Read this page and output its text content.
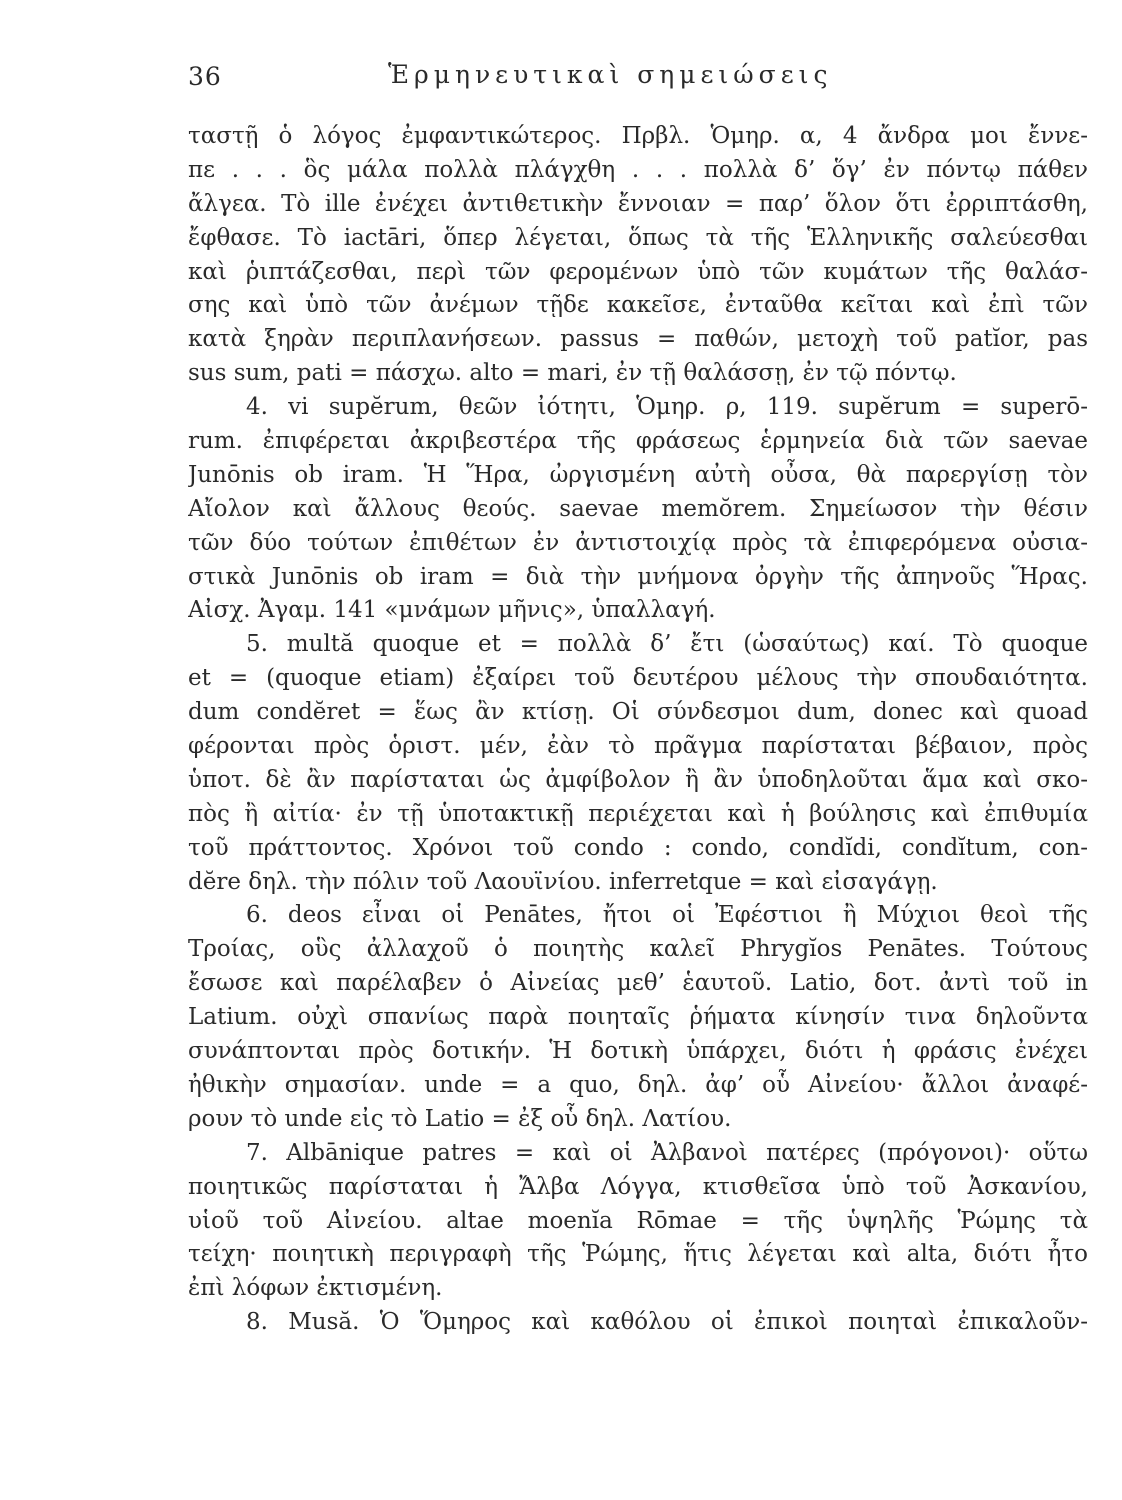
36	Ἑρμηνευτικαὶ σημειώσεις
ταστῇ ὁ λόγος ἐμφαντικώτερος. Πρβλ. Ὁμηρ. α, 4 ἄνδρα μοι ἔννε-
πε . . . ὃς μάλα πολλὰ πλάγχθη . . . πολλὰ δ’ ὅγ’ ἐν πόντῳ πάθεν
ἄλγεα. Τὸ ille ἐνέχει ἀντιθετικὴν ἔννοιαν = παρ’ ὅλον ὅτι ἐρριπτάσθη,
ἔφθασε. Τὸ iactāri, ὅπερ λέγεται, ὅπως τὰ τῆς Ἑλληνικῆς σαλεύεσθαι
καὶ ῥιπτάζεσθαι, περὶ τῶν φερομένων ὑπὸ τῶν κυμάτων τῆς θαλάσ-
σης καὶ ὑπὸ τῶν ἀνέμων τῇδε κακεῖσε, ἐνταῦθα κεῖται καὶ ἐπὶ τῶν
κατὰ ξηρὰν περιπλανήσεων. passus = παθών, μετοχὴ τοῦ patĭor, pas
sus sum, pati = πάσχω. alto = mari, ἐν τῇ θαλάσσῃ, ἐν τῷ πόντῳ.
4. vi supĕrum, θεῶν ἰότητι, Ὁμηρ. ρ, 119. supĕrum = superō-
rum. ἐπιφέρεται ἀκριβεστέρα τῆς φράσεως ἑρμηνεία διὰ τῶν saevae
Junōnis ob iram. Ἡ Ἥρα, ὠργισμένη αὐτὴ οὖσα, θὰ παρεργίσῃ τὸν
Αἴολον καὶ ἄλλους θεούς. saevae memŏrem. Σημείωσον τὴν θέσιν
τῶν δύο τούτων ἐπιθέτων ἐν ἀντιστοιχίᾳ πρὸς τὰ ἐπιφερόμενα οὐσια-
στικὰ Junōnis ob iram = διὰ τὴν μνήμονα ὀργὴν τῆς ἀπηνοῦς Ἥρας.
Αἰσχ. Ἀγαμ. 141 «μνάμων μῆνις», ὑπαλλαγή.
5. multă quoque et = πολλὰ δ’ ἔτι (ὡσαύτως) καί. Τὸ quoque
et = (quoque etiam) ἐξαίρει τοῦ δευτέρου μέλους τὴν σπουδαιότητα.
dum condĕret = ἕως ἂν κτίσῃ. Οἱ σύνδεσμοι dum, donec καὶ quoad
φέρονται πρὸς ὁριστ. μέν, ἐὰν τὸ πρᾶγμα παρίσταται βέβαιον, πρὸς
ὑποτ. δὲ ἂν παρίσταται ὡς ἀμφίβολον ἢ ἂν ὑποδηλοῦται ἅμα καὶ σκο-
πὸς ἢ αἰτία· ἐν τῇ ὑποτακτικῇ περιέχεται καὶ ἡ βούλησις καὶ ἐπιθυμία
τοῦ πράττοντος. Χρόνοι τοῦ condo : condo, condĭdi, condĭtum, con-
dĕre δηλ. τὴν πόλιν τοῦ Λαουϊνίου. inferretque = καὶ εἰσαγάγῃ.
6. deos εἶναι οἱ Penātes, ἤτοι οἱ Ἐφέστιοι ἢ Μύχιοι θεοὶ τῆς
Τροίας, οὓς ἀλλαχοῦ ὁ ποιητὴς καλεῖ Phrygĭos Penātes. Τούτους
ἔσωσε καὶ παρέλαβεν ὁ Αἰνείας μεθ’ ἑαυτοῦ. Latio, δοτ. ἀντὶ τοῦ in
Latium. οὐχὶ σπανίως παρὰ ποιηταῖς ῥήματα κίνησίν τινα δηλοῦντα
συνάπτονται πρὸς δοτικήν. Ἡ δοτικὴ ὑπάρχει, διότι ἡ φράσις ἐνέχει
ἠθικὴν σημασίαν. unde = a quo, δηλ. ἀφ’ οὗ Αἰνείου· ἄλλοι ἀναφέ-
ρουν τὸ unde εἰς τὸ Latio = ἐξ οὗ δηλ. Λατίου.
7. Albānique patres = καὶ οἱ Ἀλβανοὶ πατέρες (πρόγονοι)· οὕτω
ποιητικῶς παρίσταται ἡ Ἄλβα Λόγγα, κτισθεῖσα ὑπὸ τοῦ Ἀσκανίου,
υἱοῦ τοῦ Αἰνείου. altae moenĭa Rōmae = τῆς ὑψηλῆς Ῥώμης τὰ
τείχη· ποιητικὴ περιγραφὴ τῆς Ῥώμης, ἥτις λέγεται καὶ alta, διότι ἦτο
ἐπὶ λόφων ἐκτισμένη.
8. Musă. Ὁ Ὅμηρος καὶ καθόλου οἱ ἐπικοὶ ποιηταὶ ἐπικαλοῦν-
